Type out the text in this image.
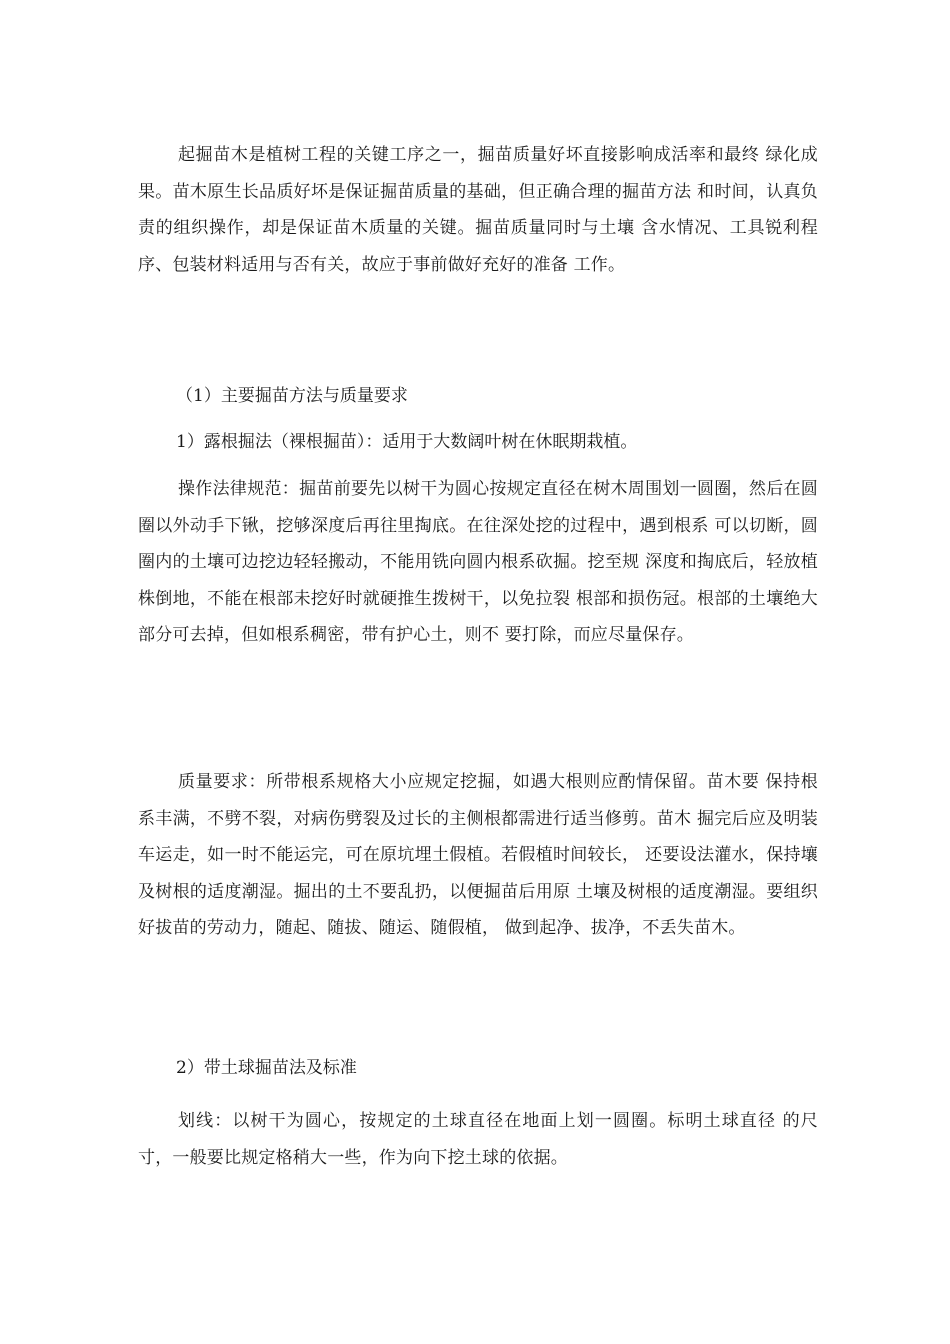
起掘苗木是植树工程的关键工序之一，掘苗质量好坏直接影响成活率和最终 绿化成果。苗木原生长品质好坏是保证掘苗质量的基础，但正确合理的掘苗方法 和时间，认真负责的组织操作，却是保证苗木质量的关键。掘苗质量同时与土壤 含水情况、工具锐利程序、包装材料适用与否有关，故应于事前做好充好的准备 工作。

（1）主要掘苗方法与质量要求

1）露根掘法（裸根掘苗）：适用于大数阔叶树在休眠期栽植。

操作法律规范：掘苗前要先以树干为圆心按规定直径在树木周围划一圆圈，然后在圆圈以外动手下锹，挖够深度后再往里掏底。在往深处挖的过程中，遇到根系 可以切断，圆圈内的土壤可边挖边轻轻搬动，不能用铣向圆内根系砍掘。挖至规 深度和掏底后，轻放植株倒地，不能在根部未挖好时就硬推生拨树干，以免拉裂 根部和损伤冠。根部的土壤绝大部分可去掉，但如根系稠密，带有护心土，则不 要打除，而应尽量保存。

质量要求：所带根系规格大小应规定挖掘，如遇大根则应酌情保留。苗木要 保持根系丰满，不劈不裂，对病伤劈裂及过长的主侧根都需进行适当修剪。苗木 掘完后应及明装车运走，如一时不能运完，可在原坑埋土假植。若假植时间较长， 还要设法灌水，保持壤及树根的适度潮湿。掘出的土不要乱扔，以便掘苗后用原 土壤及树根的适度潮湿。要组织好拔苗的劳动力，随起、随拔、随运、随假植， 做到起净、拔净，不丢失苗木。

2）带土球掘苗法及标准

划线：以树干为圆心，按规定的土球直径在地面上划一圆圈。标明土球直径 的尺寸，一般要比规定格稍大一些，作为向下挖土球的依据。
